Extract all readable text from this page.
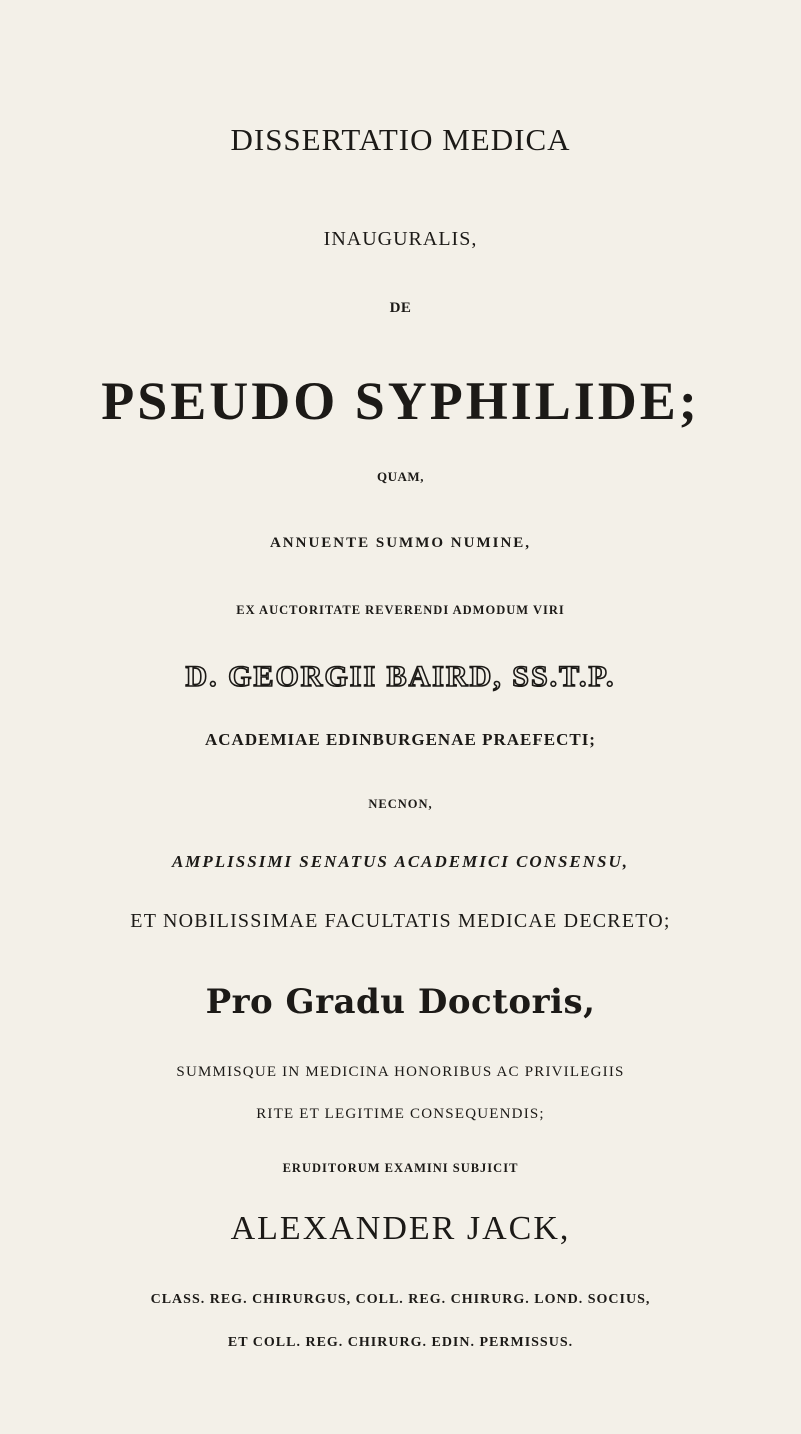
DISSERTATIO MEDICA
INAUGURALIS,
DE
PSEUDO SYPHILIDE;
QUAM,
ANNUENTE SUMMO NUMINE,
EX AUCTORITATE REVERENDI ADMODUM VIRI
D. GEORGII BAIRD, SS.T.P.
ACADEMIAE EDINBURGENAE PRAEFECTI;
NECNON,
AMPLISSIMI SENATUS ACADEMICI CONSENSU,
ET NOBILISSIMAE FACULTATIS MEDICAE DECRETO;
Pro Gradu Doctoris,
SUMMISQUE IN MEDICINA HONORIBUS AC PRIVILEGIIS
RITE ET LEGITIME CONSEQUENDIS;
ERUDITORUM EXAMINI SUBJICIT
ALEXANDER JACK,
CLASS. REG. CHIRURGUS, COLL. REG. CHIRURG. LOND. SOCIUS,
ET COLL. REG. CHIRURG. EDIN. PERMISSUS.
